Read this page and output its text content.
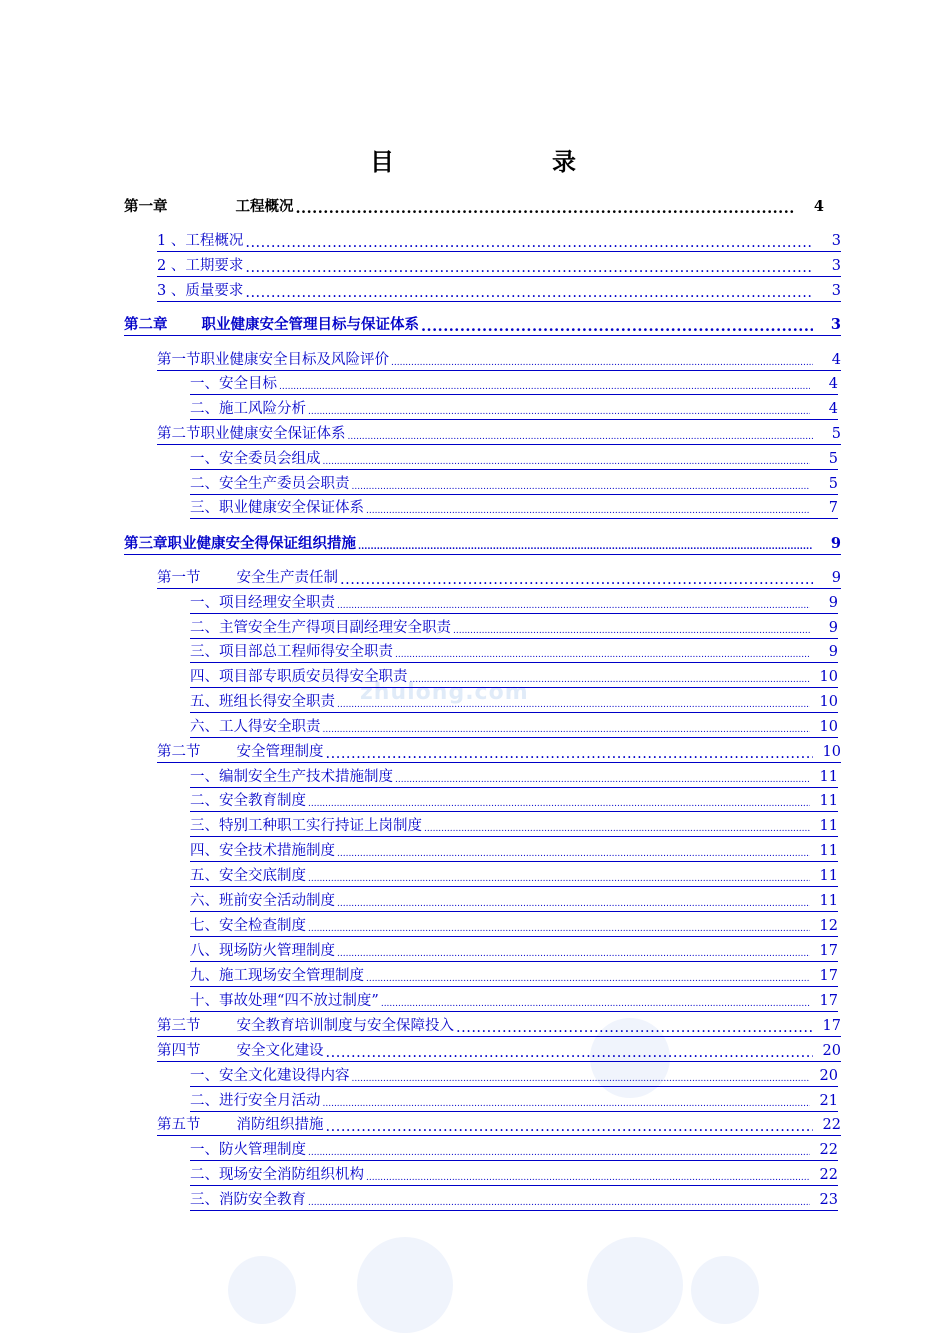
目	录
zhulong.com
第一章	工程概况 .....	4
1 、工程概况 .....	3
2 、工期要求 .....	3
3 、质量要求 .....	3
第二章 职业健康安全管理目标与保证体系 .....	3
第一节职业健康安全目标及风险评价 .....	4
一、安全目标 .....	4
二、施工风险分析 .....	4
第二节职业健康安全保证体系 .....	5
一、安全委员会组成 .....	5
二、安全生产委员会职责 .....	5
三、职业健康安全保证体系 .....	7
第三章职业健康安全得保证组织措施 .....	9
第一节 安全生产责任制 .....	9
一、项目经理安全职责 .....	9
二、主管安全生产得项目副经理安全职责 .....	9
三、项目部总工程师得安全职责 .....	9
四、项目部专职质安员得安全职责 .....	10
五、班组长得安全职责 .....	10
六、工人得安全职责 .....	10
第二节 安全管理制度 .....	10
一、编制安全生产技术措施制度 .....	11
二、安全教育制度 .....	11
三、特别工种职工实行持证上岗制度 .....	11
四、安全技术措施制度 .....	11
五、安全交底制度 .....	11
六、班前安全活动制度 .....	11
七、安全检查制度 .....	12
八、现场防火管理制度 .....	17
九、施工现场安全管理制度 .....	17
十、事故处理“四不放过制度” .....	17
第三节 安全教育培训制度与安全保障投入 .....	17
第四节 安全文化建设 .....	20
一、安全文化建设得内容 .....	20
二、进行安全月活动 .....	21
第五节 消防组织措施 .....	22
一、防火管理制度 .....	22
二、现场安全消防组织机构 .....	22
三、消防安全教育 .....	23
